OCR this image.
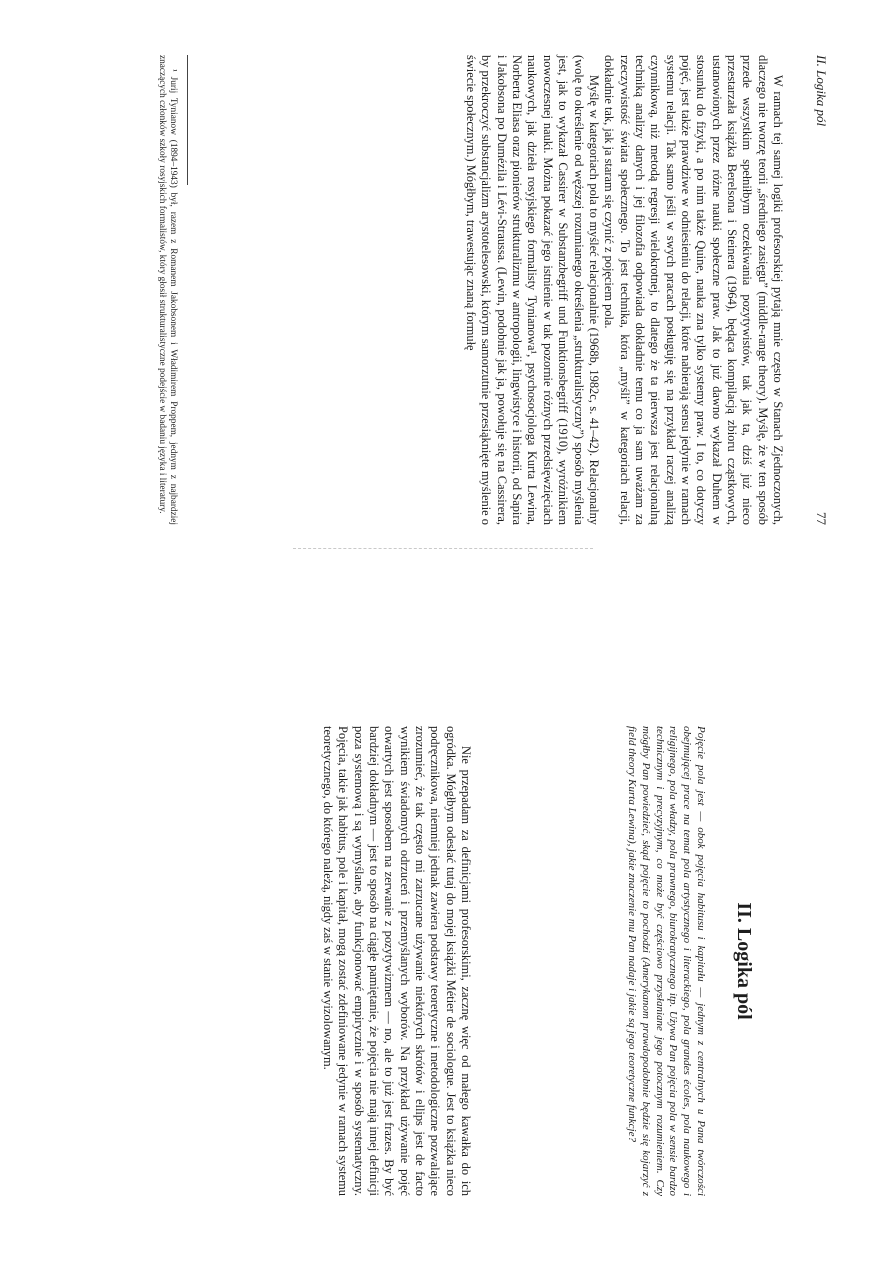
II. Logika pól
77

W ramach tej samej logiki profesorskiej pytają mnie często w Stanach Zjednoczonych, dlaczego nie tworzę teorii „średniego zasięgu” (middle-range theory). Myślę, że w ten sposób przede wszystkim spełniłbym oczekiwania pozytywistów, tak jak ta, dziś już nieco przestarzała książka Berelsona i Steinera (1964), będąca kompilacją zbioru cząstkowych, ustanowionych przez różne nauki społeczne praw. Jak to już dawno wykazał Duhem w stosunku do fizyki, a po nim także Quine, nauka zna tylko systemy praw. I to, co dotyczy pojęć, jest także prawdziwe w odniesieniu do relacji, które nabierają sensu jedynie w ramach systemu relacji. Tak samo jeśli w swych pracach posługuję się na przykład raczej analizą czynnikową, niż metodą regresji wielokrotnej, to dlatego że ta pierwsza jest relacjonalną techniką analizy danych i jej filozofia odpowiada dokładnie temu co ja sam uważam za rzeczywistość świata społecznego. To jest technika, która „myśli” w kategoriach relacji, dokładnie tak, jak ja staram się czynić z pojęciem pola.

Myślę w kategoriach pola to myśleć relacjonalnie (1968b, 1982c, s. 41–42). Relacjonalny (wolę to określenie od węższej rozumianego określenia „strukturalistyczny”) sposób myślenia jest, jak to wykazał Cassirer w Substanzbegriff und Funktionsbegriff (1910), wyróżnikiem nowoczesnej nauki. Można pokazać jego istnienie w tak pozornie różnych przedsięwzięciach naukowych, jak dzieła rosyjskiego formalisty Tynianowa¹, psychosocjologa Kurta Lewina, Norberta Eliasa oraz pionierów strukturalizmu w antropologii, lingwistyce i historii, od Sapira i Jakobsona po Dumézila i Lévi-Straussa. (Lewin, podobnie jak ja, powołuje się na Cassirera, by przekroczyć substancjalizm arystotelesowski, którym samorzutnie przesiąknięte myślenie o świecie społecznym.) Mógłbym, trawestując znaną formułę

¹ Jurij Tynianow (1894–1943) był, razem z Romanem Jakobsonem i Władimirem Proppem, jednym z najbardziej znaczących członków szkoły rosyjskich formalistów, który głosił strukturalistyczne podejście w badaniu języka i literatury.

II. Logika pól
Pojęcie pola jest — obok pojęcia habitusu i kapitału — jednym z centralnych u Pana twórczości obejmującej prace na temat pola artystycznego i literackiego, pola grandes écoles, pola naukowego i religijnego, pola władzy, pola prawnego, biurokratycznego itp. Używa Pan pojęcia pola w sensie bardzo technicznym i precyzyjnym, co może być częściowo przysłaniane jego potocznym rozumieniem. Czy mógłby Pan powiedzieć, skąd pojęcie to pochodzi (Amerykanom prawdopodobnie będzie się kojarzyć z field theory Kurta Lewina), jakie znaczenie mu Pan nadaje i jakie są jego teoretyczne funkcje?

Nie przepadam za definicjami profesorskimi, zacznę więc od małego kawałka do ich ogródka. Mógłbym odesłać tutaj do mojej książki Métier de sociologue. Jest to książka nieco podręcznikowa, niemniej jednak zawiera podstawy teoretyczne i metodologiczne pozwalające zrozumieć, że tak często mi zarzucane używanie niektórych skrótów i ellips jest de facto wynikiem świadomych odrzuceń i przemyślanych wyborów. Na przykład używanie pojęć otwartych jest sposobem na zerwanie z pozytywizmem — no, ale to już jest frazes. By być bardziej dokładnym — jest to sposób na ciągłe pamiętanie, że pojęcia nie mają innej definicji poza systemową i są wymyślane, aby funkcjonować empirycznie i w sposób systematyczny. Pojęcia, takie jak habitus, pole i kapitał, mogą zostać zdefiniowane jedynie w ramach systemu teoretycznego, do którego należą, nigdy zaś w stanie wyizolowanym.
